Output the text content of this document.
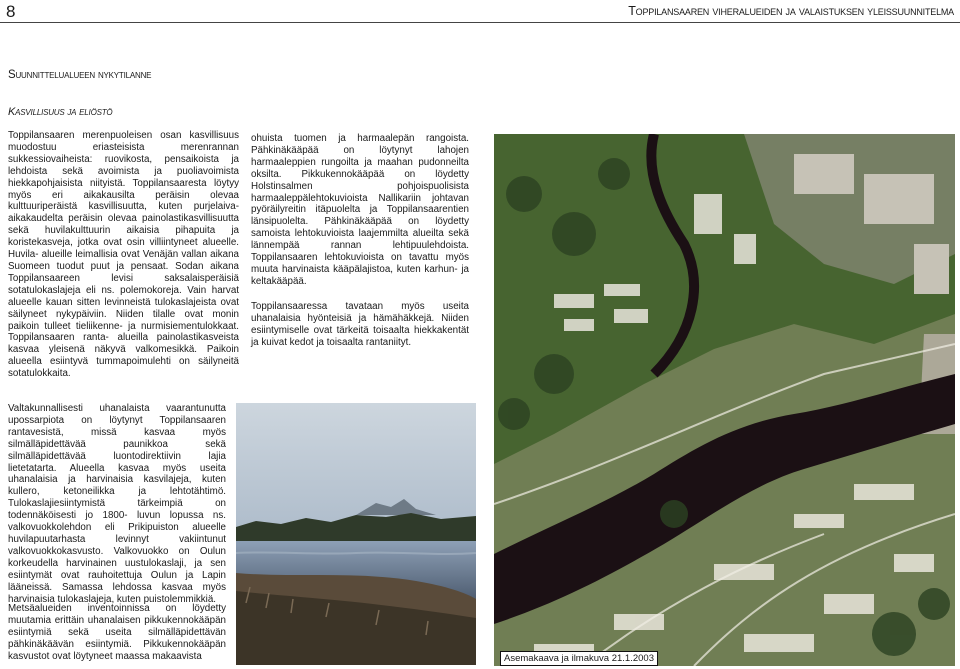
8	Toppilansaaren viheralueiden ja valaistuksen yleissuunnitelma
Suunnittelualueen nykytilanne
Kasvillisuus ja eliöstö
Toppilansaaren merenpuoleisen osan kasvillisuus muodostuu eriasteisista merenrannan sukkessiovaiheista: ruovikosta, pensaikoista ja lehdoista sekä avoimista ja puoliavoimista hiekkapohjaisista niityistä. Toppilansaaresta löytyy myös eri aikakausilta peräisin olevaa kulttuuriperäistä kasvillisuutta, kuten purjelaiva- aikakaudelta peräisin olevaa painolastikasvillisuutta sekä huvilakulttuurin aikaisia pihapuita ja koristekasveja, jotka ovat osin villiintyneet alueelle. Huvila- alueille leimallisia ovat Venäjän vallan aikana Suomeen tuodut puut ja pensaat. Sodan aikana Toppilansaareen levisi saksalaisperäisiä sotatulokaslajeja eli ns. polemokoreja. Vain harvat alueelle kauan sitten levinneistä tulokaslajeista ovat säilyneet nykypäiviin. Niiden tilalle ovat monin paikoin tulleet tieliikenne- ja nurmisiementulokkaat. Toppilansaaren ranta- alueilla painolastikasveista kasvaa yleisenä näkyvä valkomesikkä. Paikoin alueella esiintyvä tummapoimulehti on säilyneitä sotatulokkaita.

ohuista tuomen ja harmaalepän rangoista. Pähkinäkääpää on löytynyt lahojen harmaaleppien rungoilta ja maahan pudonneilta oksilta. Pikkukennokääpää on löydetty Holstinsalmen pohjoispuolisista harmaaleppälehtokuvioista Nallikariin johtavan pyöräilyreitin itäpuolelta ja Toppilansaarentien länsipuolelta. Pähkinäkääpää on löydetty samoista lehtokuvioista laajemmilta alueilta sekä lännempää rannan lehtipuulehdoista. Toppilansaaren lehtokuvioista on tavattu myös muuta harvinaista kääpälajistoa, kuten karhun- ja keltakääpää.

Toppilansaaressa tavataan myös useita uhanalaisia hyönteisiä ja hämähäkkejä. Niiden esiintymiselle ovat tärkeitä toisaalta hiekkakentät ja kuivat kedot ja toisaalta rantaniityt.

Valtakunnallisesti uhanalaista vaarantunutta upossarpiota on löytynyt Toppilansaaren rantavesistä, missä kasvaa myös silmälläpidettävää paunikkoa sekä silmälläpidettävää luontodirektiivin lajia lietetatarta. Alueella kasvaa myös useita uhanalaisia ja harvinaisia kasvilajeja, kuten kullero, ketoneilikka ja lehtotähtimö. Tulokaslajiesiintymistä tärkeimpiä on todennäköisesti jo 1800- luvun lopussa ns. valkovuokkolehdon eli Prikipuiston alueelle huvilapuutarhasta levinnyt vakiintunut valkovuokkokasvusto. Valkovuokko on Oulun korkeudella harvinainen uustulokaslaji, ja sen esiintymät ovat rauhoitettuja Oulun ja Lapin lääneissä. Samassa lehdossa kasvaa myös harvinaisia tulokaslajeja, kuten puistolemmikkiä.
Metsäalueiden inventoinnissa on löydetty muutamia erittäin uhanalaisen pikkukennokääpän esiintymiä sekä useita silmälläpidettävän pähkinäkäävän esiintymiä. Pikkukennokääpän kasvustot ovat löytyneet maassa makaavista	Asemakaava ja ilmakuva 21.1.2003
